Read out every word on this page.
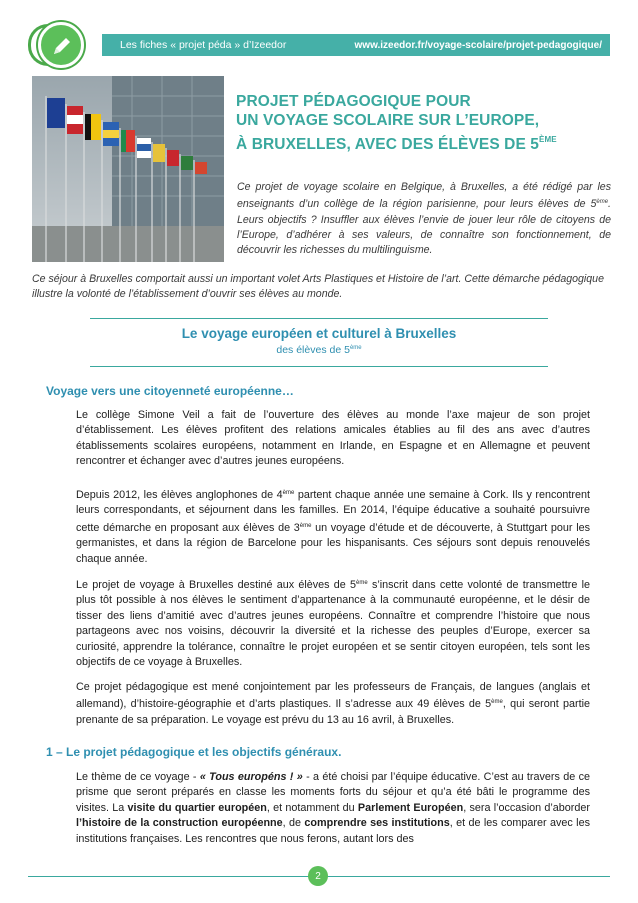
Les fiches « projet péda » d’Izeedor	www.izeedor.fr/voyage-scolaire/projet-pedagogique/
PROJET PÉDAGOGIQUE POUR
UN VOYAGE SCOLAIRE SUR L’EUROPE,
À BRUXELLES, AVEC DES ÉLÈVES DE 5ÈME

Ce projet de voyage scolaire en Belgique, à Bruxelles, a été rédigé par les enseignants d’un collège de la région parisienne, pour leurs élèves de 5ème. Leurs objectifs ? Insuffler aux élèves l’envie de jouer leur rôle de citoyens de l’Europe, d’adhérer à ses valeurs, de connaître son fonctionnement, de découvrir les richesses du multilinguisme.

Ce séjour à Bruxelles comportait aussi un important volet Arts Plastiques et Histoire de l’art. Cette démarche pédagogique illustre la volonté de l’établissement d’ouvrir ses élèves au monde.

Le voyage européen et culturel à Bruxelles
des élèves de 5ème
Voyage vers une citoyenneté européenne…

Le collège Simone Veil a fait de l’ouverture des élèves au monde l’axe majeur de son projet d’établissement. Les élèves profitent des relations amicales établies au fil des ans avec d’autres établissements scolaires européens, notamment en Irlande, en Espagne et en Allemagne et peuvent rencontrer et échanger avec d’autres jeunes européens.

Depuis 2012, les élèves anglophones de 4ème partent chaque année une semaine à Cork. Ils y rencontrent leurs correspondants, et séjournent dans les familles. En 2014, l’équipe éducative a souhaité poursuivre cette démarche en proposant aux élèves de 3ème un voyage d’étude et de découverte, à Stuttgart pour les germanistes, et dans la région de Barcelone pour les hispanisants. Ces séjours sont depuis renouvelés chaque année.

Le projet de voyage à Bruxelles destiné aux élèves de 5ème s’inscrit dans cette volonté de transmettre le plus tôt possible à nos élèves le sentiment d’appartenance à la communauté européenne, et le désir de tisser des liens d’amitié avec d’autres jeunes européens. Connaître et comprendre l’histoire que nous partageons avec nos voisins, découvrir la diversité et la richesse des peuples d’Europe, exercer sa curiosité, apprendre la tolérance, connaître le projet européen et se sentir citoyen européen, tels sont les objectifs de ce voyage à Bruxelles.

Ce projet pédagogique est mené conjointement par les professeurs de Français, de langues (anglais et allemand), d’histoire-géographie et d’arts plastiques. Il s’adresse aux 49 élèves de 5ème, qui seront partie prenante de sa préparation. Le voyage est prévu du 13 au 16 avril, à Bruxelles.

1 – Le projet pédagogique et les objectifs généraux.

Le thème de ce voyage - « Tous européns ! » - a été choisi par l’équipe éducative. C’est au travers de ce prisme que seront préparés en classe les moments forts du séjour et qu’a été bâti le programme des visites. La visite du quartier européen, et notamment du Parlement Européen, sera l’occasion d’aborder l’histoire de la construction européenne, de comprendre ses institutions, et de les comparer avec les institutions françaises. Les rencontres que nous ferons, autant lors des

2
